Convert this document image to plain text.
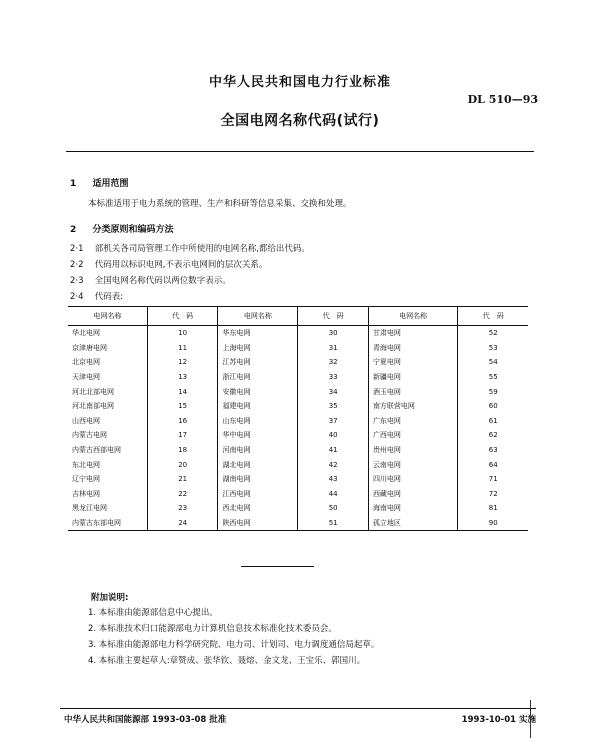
中华人民共和国电力行业标准
DL 510—93
全国电网名称代码(试行)
1 适用范围
本标准适用于电力系统的管理、生产和科研等信息采集、交换和处理。
2 分类原则和编码方法
2·1 部机关各司局管理工作中所使用的电网名称,都给出代码。
2·2 代码用以标识电网,不表示电网间的层次关系。
2·3 全国电网名称代码以两位数字表示。
2·4 代码表:
电网名称	代　码	电网名称	代　码	电网名称	代　码
华北电网	10	华东电网	30	甘肃电网	52
京津唐电网	11	上海电网	31	青海电网	53
北京电网	12	江苏电网	32	宁夏电网	54
天津电网	13	浙江电网	33	新疆电网	55
河北北部电网	14	安徽电网	34	酒玉电网	59
河北南部电网	15	福建电网	35	南方联营电网	60
山西电网	16	山东电网	37	广东电网	61
内蒙古电网	17	华中电网	40	广西电网	62
内蒙古西部电网	18	河南电网	41	贵州电网	63
东北电网	20	湖北电网	42	云南电网	64
辽宁电网	21	湖南电网	43	四川电网	71
吉林电网	22	江西电网	44	西藏电网	72
黑龙江电网	23	西北电网	50	海南电网	81
内蒙古东部电网	24	陕西电网	51	孤立地区	90
附加说明:
1. 本标准由能源部信息中心提出。
2. 本标准技术归口能源部电力计算机信息技术标准化技术委员会。
3. 本标准由能源部电力科学研究院、电力司、计划司、电力调度通信局起草。
4. 本标准主要起草人:章赞成、张华钦、聂熔、金文龙、王宝乐、郭国川。
中华人民共和国能源部 1993-03-08 批准	1993-10-01 实施
